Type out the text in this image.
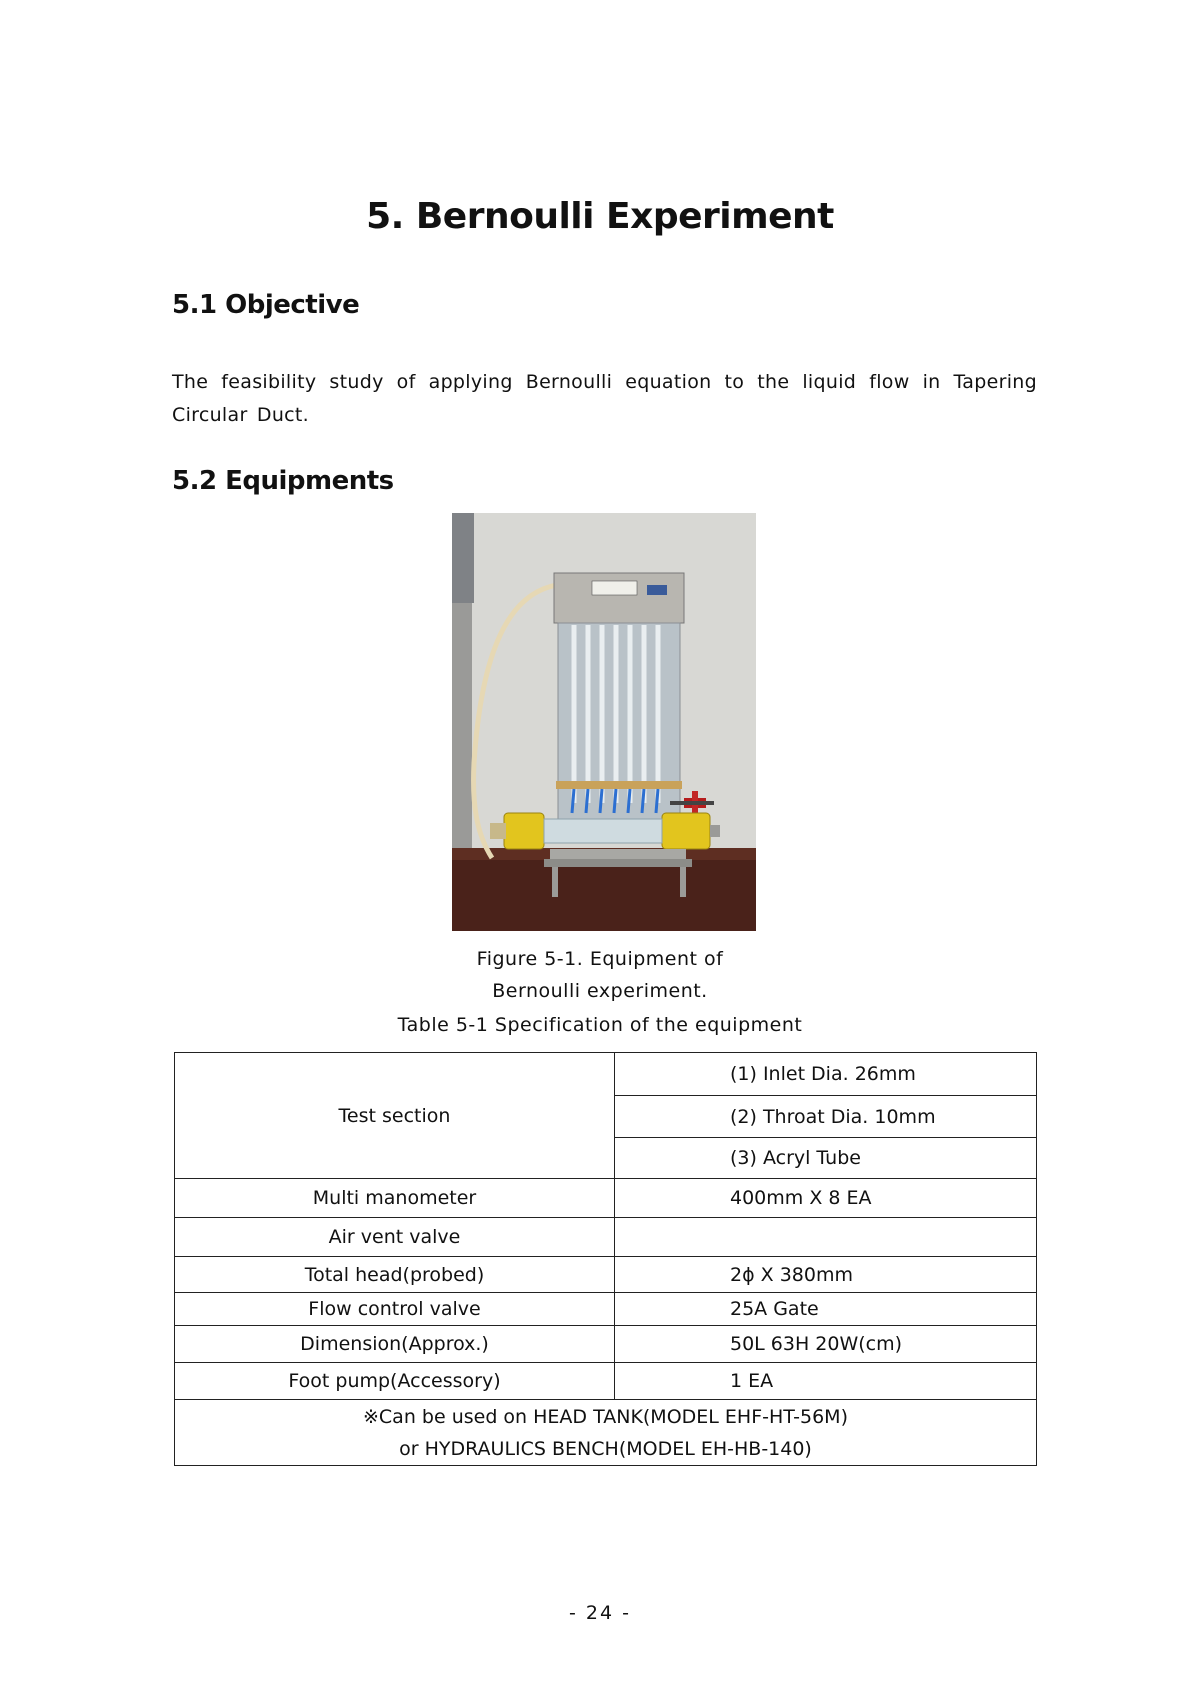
5. Bernoulli Experiment
5.1 Objective
The feasibility study of applying Bernoulli equation to the liquid flow in Tapering Circular Duct.
5.2 Equipments
Figure 5-1. Equipment of
Bernoulli experiment.
Table 5-1 Specification of the equipment
Test section	(1) Inlet Dia. 26mm
	(2) Throat Dia. 10mm
	(3) Acryl Tube
Multi manometer	400mm X 8 EA
Air vent valve	
Total head(probed)	2ϕ X 380mm
Flow control valve	25A Gate
Dimension(Approx.)	50L 63H 20W(cm)
Foot pump(Accessory)	1 EA

※Can be used on HEAD TANK(MODEL EHF-HT-56M)
or HYDRAULICS BENCH(MODEL EH-HB-140)	
- 24 -
